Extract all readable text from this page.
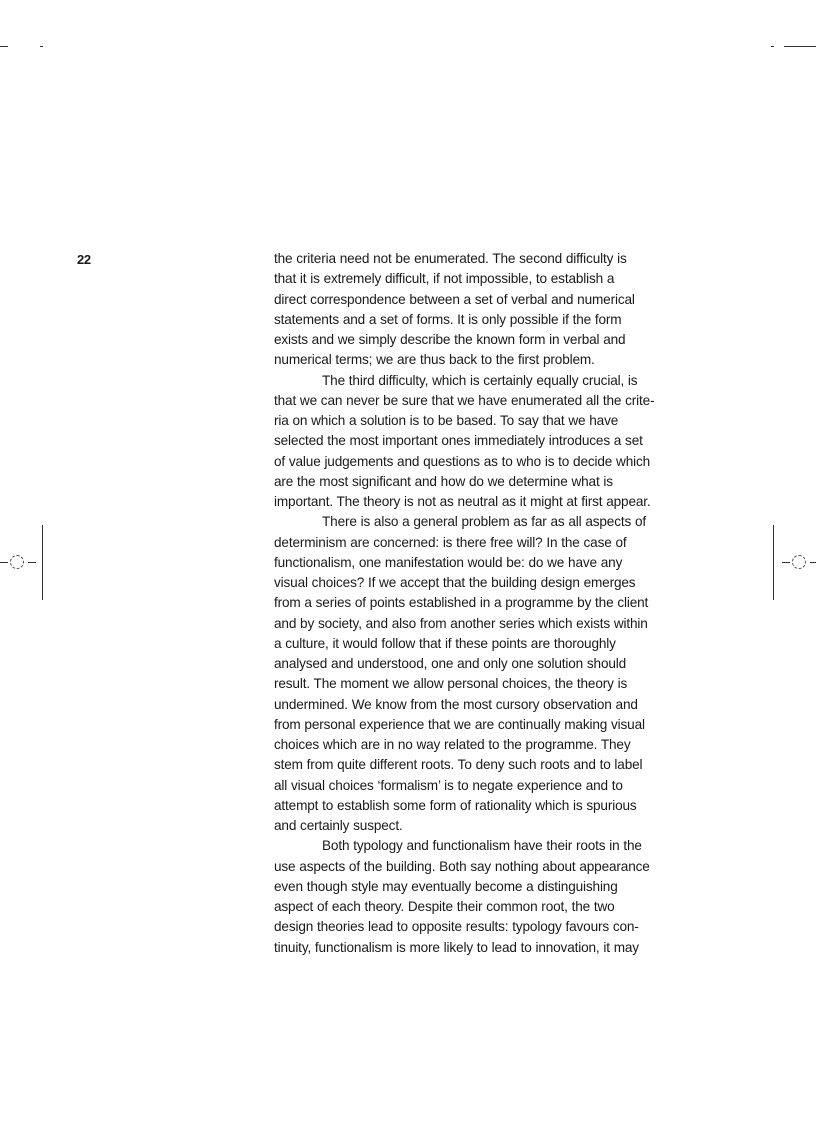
22	the criteria need not be enumerated. The second difficulty is
that it is extremely difficult, if not impossible, to establish a
direct correspondence between a set of verbal and numerical
statements and a set of forms. It is only possible if the form
exists and we simply describe the known form in verbal and
numerical terms; we are thus back to the first problem.
The third difficulty, which is certainly equally crucial, is
that we can never be sure that we have enumerated all the crite-
ria on which a solution is to be based. To say that we have
selected the most important ones immediately introduces a set
of value judgements and questions as to who is to decide which
are the most significant and how do we determine what is
important. The theory is not as neutral as it might at first appear.
There is also a general problem as far as all aspects of
determinism are concerned: is there free will? In the case of
functionalism, one manifestation would be: do we have any
visual choices? If we accept that the building design emerges
from a series of points established in a programme by the client
and by society, and also from another series which exists within
a culture, it would follow that if these points are thoroughly
analysed and understood, one and only one solution should
result. The moment we allow personal choices, the theory is
undermined. We know from the most cursory observation and
from personal experience that we are continually making visual
choices which are in no way related to the programme. They
stem from quite different roots. To deny such roots and to label
all visual choices ‘formalism’ is to negate experience and to
attempt to establish some form of rationality which is spurious
and certainly suspect.
Both typology and functionalism have their roots in the
use aspects of the building. Both say nothing about appearance
even though style may eventually become a distinguishing
aspect of each theory. Despite their common root, the two
design theories lead to opposite results: typology favours con-
tinuity, functionalism is more likely to lead to innovation, it may
